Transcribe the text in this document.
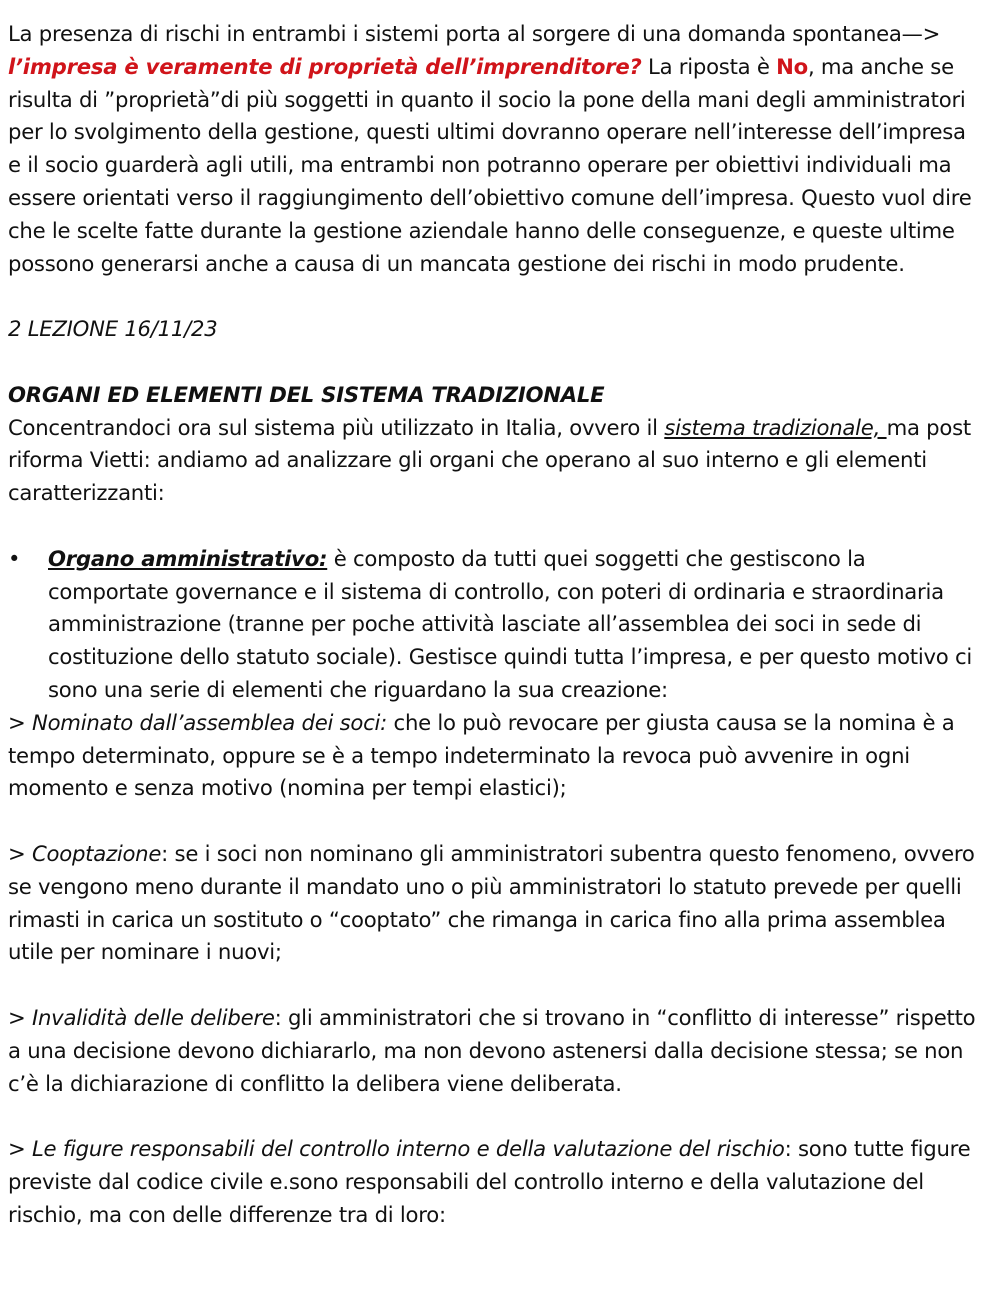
La presenza di rischi in entrambi i sistemi porta al sorgere di una domanda spontanea—>
l’impresa è veramente di proprietà dell’imprenditore? La riposta è No, ma anche se risulta di ”proprietà”di più soggetti in quanto il socio la pone della mani degli amministratori per lo svolgimento della gestione, questi ultimi dovranno operare nell’interesse dell’impresa e il socio guarderà agli utili, ma entrambi non potranno operare per obiettivi individuali ma essere orientati verso il raggiungimento dell’obiettivo comune dell’impresa. Questo vuol dire che le scelte fatte durante la gestione aziendale hanno delle conseguenze, e queste ultime possono generarsi anche a causa di un mancata gestione dei rischi in modo prudente.

2 LEZIONE 16/11/23

ORGANI ED ELEMENTI DEL SISTEMA TRADIZIONALE

Concentrandoci ora sul sistema più utilizzato in Italia, ovvero il sistema tradizionale, ma post riforma Vietti: andiamo ad analizzare gli organi che operano al suo interno e gli elementi caratterizzanti:

•	Organo amministrativo: è composto da tutti quei soggetti che gestiscono la comportate governance e il sistema di controllo, con poteri di ordinaria e straordinaria amministrazione (tranne per poche attività lasciate all’assemblea dei soci in sede di costituzione dello statuto sociale). Gestisce quindi tutta l’impresa, e per questo motivo ci sono una serie di elementi che riguardano la sua creazione:

> Nominato dall’assemblea dei soci: che lo può revocare per giusta causa se la nomina è a tempo determinato, oppure se è a tempo indeterminato la revoca può avvenire in ogni momento e senza motivo (nomina per tempi elastici);

> Cooptazione: se i soci non nominano gli amministratori subentra questo fenomeno, ovvero se vengono meno durante il mandato uno o più amministratori lo statuto prevede per quelli rimasti in carica un sostituto o “cooptato” che rimanga in carica fino alla prima assemblea utile per nominare i nuovi;

> Invalidità delle delibere: gli amministratori che si trovano in “conflitto di interesse” rispetto a una decisione devono dichiararlo, ma non devono astenersi dalla decisione stessa; se non c’è la dichiarazione di conflitto la delibera viene deliberata.

> Le figure responsabili del controllo interno e della valutazione del rischio: sono tutte figure previste dal codice civile e.sono responsabili del controllo interno e della valutazione del rischio, ma con delle differenze tra di loro:
